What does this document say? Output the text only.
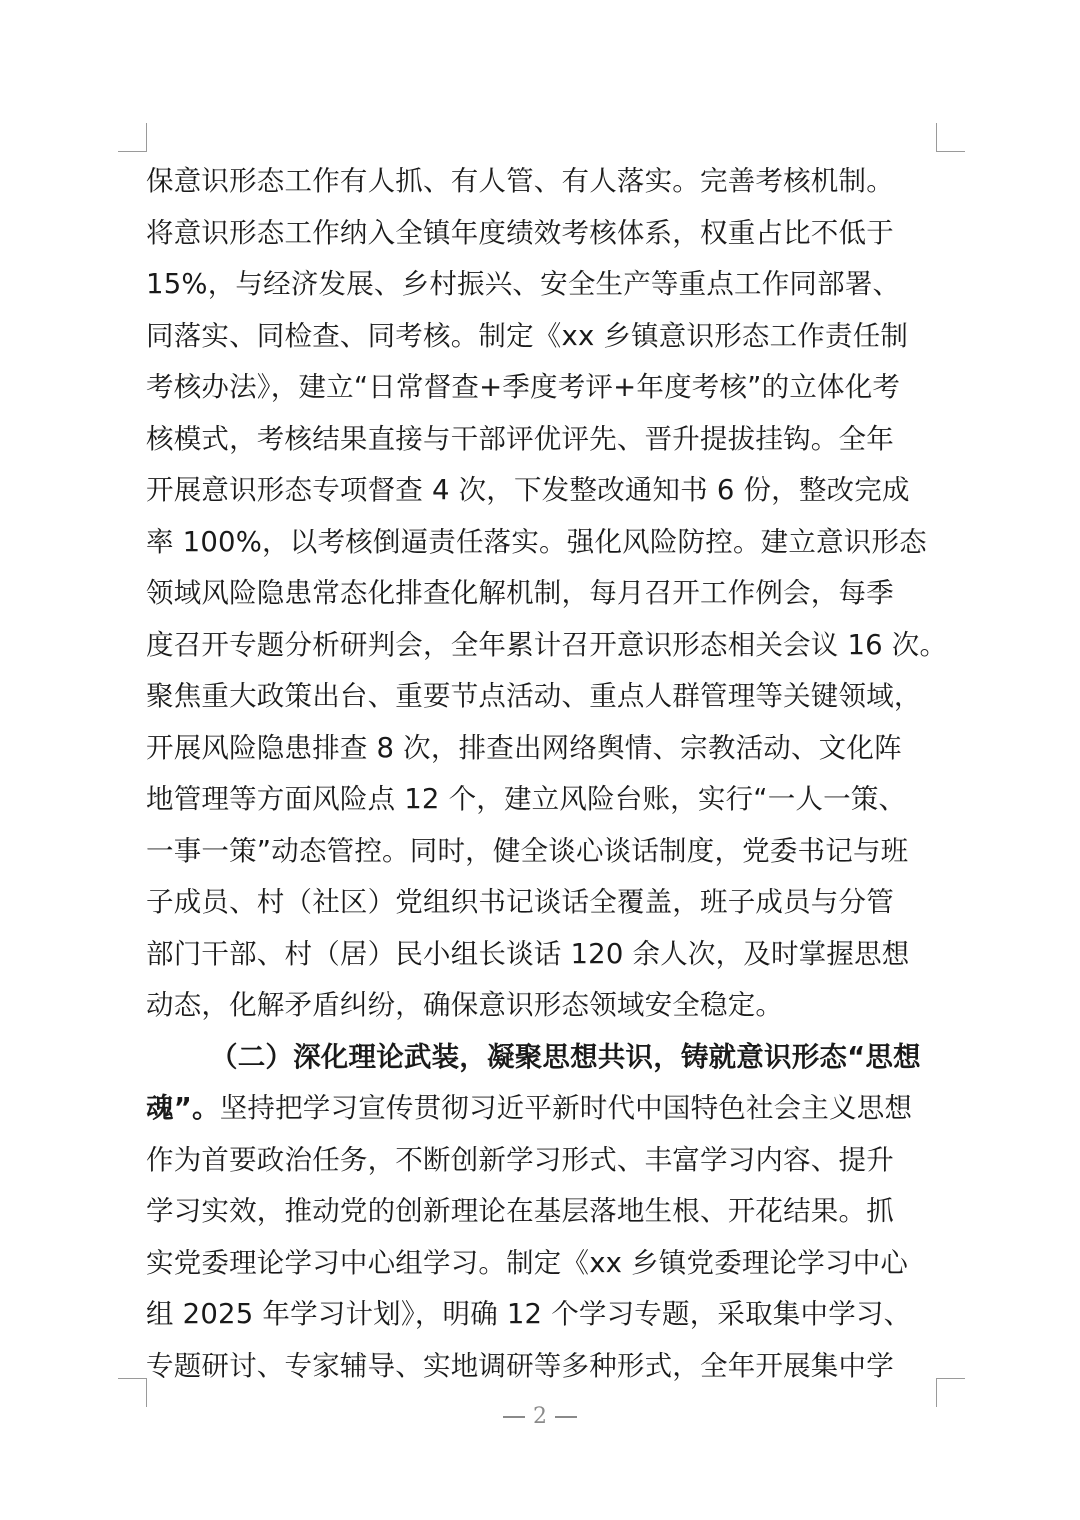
保意识形态工作有人抓、有人管、有人落实。完善考核机制。
将意识形态工作纳入全镇年度绩效考核体系，权重占比不低于
15%，与经济发展、乡村振兴、安全生产等重点工作同部署、
同落实、同检查、同考核。制定《xx 乡镇意识形态工作责任制
考核办法》，建立“日常督查+季度考评+年度考核”的立体化考
核模式，考核结果直接与干部评优评先、晋升提拔挂钩。全年
开展意识形态专项督查 4 次，下发整改通知书 6 份，整改完成
率 100%，以考核倒逼责任落实。强化风险防控。建立意识形态
领域风险隐患常态化排查化解机制，每月召开工作例会，每季
度召开专题分析研判会，全年累计召开意识形态相关会议 16 次。
聚焦重大政策出台、重要节点活动、重点人群管理等关键领域，
开展风险隐患排查 8 次，排查出网络舆情、宗教活动、文化阵
地管理等方面风险点 12 个，建立风险台账，实行“一人一策、
一事一策”动态管控。同时，健全谈心谈话制度，党委书记与班
子成员、村（社区）党组织书记谈话全覆盖，班子成员与分管
部门干部、村（居）民小组长谈话 120 余人次，及时掌握思想
动态，化解矛盾纠纷，确保意识形态领域安全稳定。
（二）深化理论武装，凝聚思想共识，铸就意识形态“思想
魂”。坚持把学习宣传贯彻习近平新时代中国特色社会主义思想
作为首要政治任务，不断创新学习形式、丰富学习内容、提升
学习实效，推动党的创新理论在基层落地生根、开花结果。抓
实党委理论学习中心组学习。制定《xx 乡镇党委理论学习中心
组 2025 年学习计划》，明确 12 个学习专题，采取集中学习、
专题研讨、专家辅导、实地调研等多种形式，全年开展集中学
2
